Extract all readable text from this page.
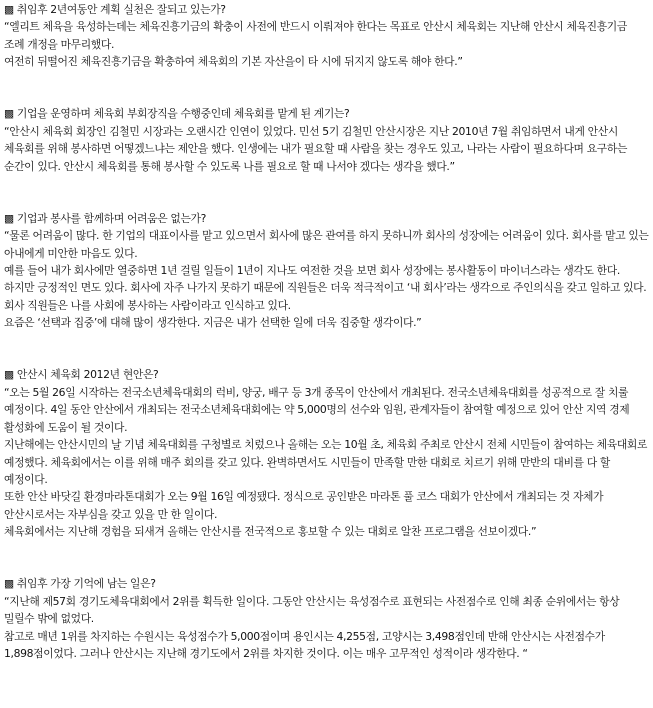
▩ 취임후 2년여동안 계획 실천은 잘되고 있는가?

“엘리트 체육을 육성하는데는 체육진흥기금의 확충이 사전에 반드시 이뤄져야 한다는 목표로 안산시 체육회는 지난해 안산시 체육진흥기금 조례 개정을 마무리했다.

여전히 뒤떨어진 체육진흥기금을 확충하여 체육회의 기본 자산을이 타 시에 뒤지지 않도록 해야 한다.”

▩ 기업을 운영하며 체육회 부회장직을 수행중인데 체육회를 맡게 된 계기는?

“안산시 체육회 회장인 김철민 시장과는 오랜시간 인연이 있었다. 민선 5기 김철민 안산시장은 지난 2010년 7월 취임하면서 내게 안산시 체육회를 위해 봉사하면 어떻겠느냐는 제안을 했다. 인생에는 내가 필요할 때 사람을 찾는 경우도 있고, 나라는 사람이 필요하다며 요구하는 순간이 있다. 안산시 체육회를 통해 봉사할 수 있도록 나를 필요로 할 때 나서야 겠다는 생각을 했다.”

▩ 기업과 봉사를 함께하며 어려움은 없는가?

“물론 어려움이 많다. 한 기업의 대표이사를 맡고 있으면서 회사에 많은 관여를 하지 못하니까 회사의 성장에는 어려움이 있다. 회사를 맡고 있는 아내에게 미안한 마음도 있다.

예를 들어 내가 회사에만 열중하면 1년 걸릴 일들이 1년이 지나도 여전한 것을 보면 회사 성장에는 봉사활동이 마이너스라는 생각도 한다.

하지만 긍정적인 면도 있다. 회사에 자주 나가지 못하기 때문에 직원들은 더욱 적극적이고 ‘내 회사’라는 생각으로 주인의식을 갖고 일하고 있다. 회사 직원들은 나를 사회에 봉사하는 사람이라고 인식하고 있다.

요즘은 ‘선택과 집중’에 대해 많이 생각한다. 지금은 내가 선택한 일에 더욱 집중할 생각이다.”

▩ 안산시 체육회 2012년 현안은?

“오는 5월 26일 시작하는 전국소년체육대회의 럭비, 양궁, 배구 등 3개 종목이 안산에서 개최된다. 전국소년체육대회를 성공적으로 잘 치룰 예정이다. 4일 동안 안산에서 개최되는 전국소년체육대회에는 약 5,000명의 선수와 임원, 관계자들이 참여할 예정으로 있어 안산 지역 경제 활성화에 도움이 될 것이다.

지난해에는 안산시민의 날 기념 체육대회를 구청별로 치렀으나 올해는 오는 10월 초, 체육회 주최로 안산시 전체 시민들이 참여하는 체육대회로 예정했다. 체육회에서는 이를 위해 매주 회의를 갖고 있다. 완벽하면서도 시민들이 만족할 만한 대회로 치르기 위해 만반의 대비를 다 할 예정이다.

또한 안산 바닷길 환경마라톤대회가 오는 9월 16일 예정됐다. 정식으로 공인받은 마라톤 풀 코스 대회가 안산에서 개최되는 것 자체가 안산시로서는 자부심을 갖고 있을 만 한 일이다.

체육회에서는 지난해 경험을 되새겨 올해는 안산시를 전국적으로 홍보할 수 있는 대회로 알찬 프로그램을 선보이겠다.”

▩ 취임후 가장 기억에 남는 일은?

“지난해 제57회 경기도체육대회에서 2위를 획득한 일이다. 그동안 안산시는 육성점수로 표현되는 사전점수로 인해 최종 순위에서는 항상 밀릴수 밖에 없었다.

참고로 매년 1위를 차지하는 수원시는 육성점수가 5,000점이며 용인시는 4,255점, 고양시는 3,498점인데 반해 안산시는 사전점수가 1,898점이었다. 그러나 안산시는 지난해 경기도에서 2위를 차지한 것이다. 이는 매우 고무적인 성적이라 생각한다. “
